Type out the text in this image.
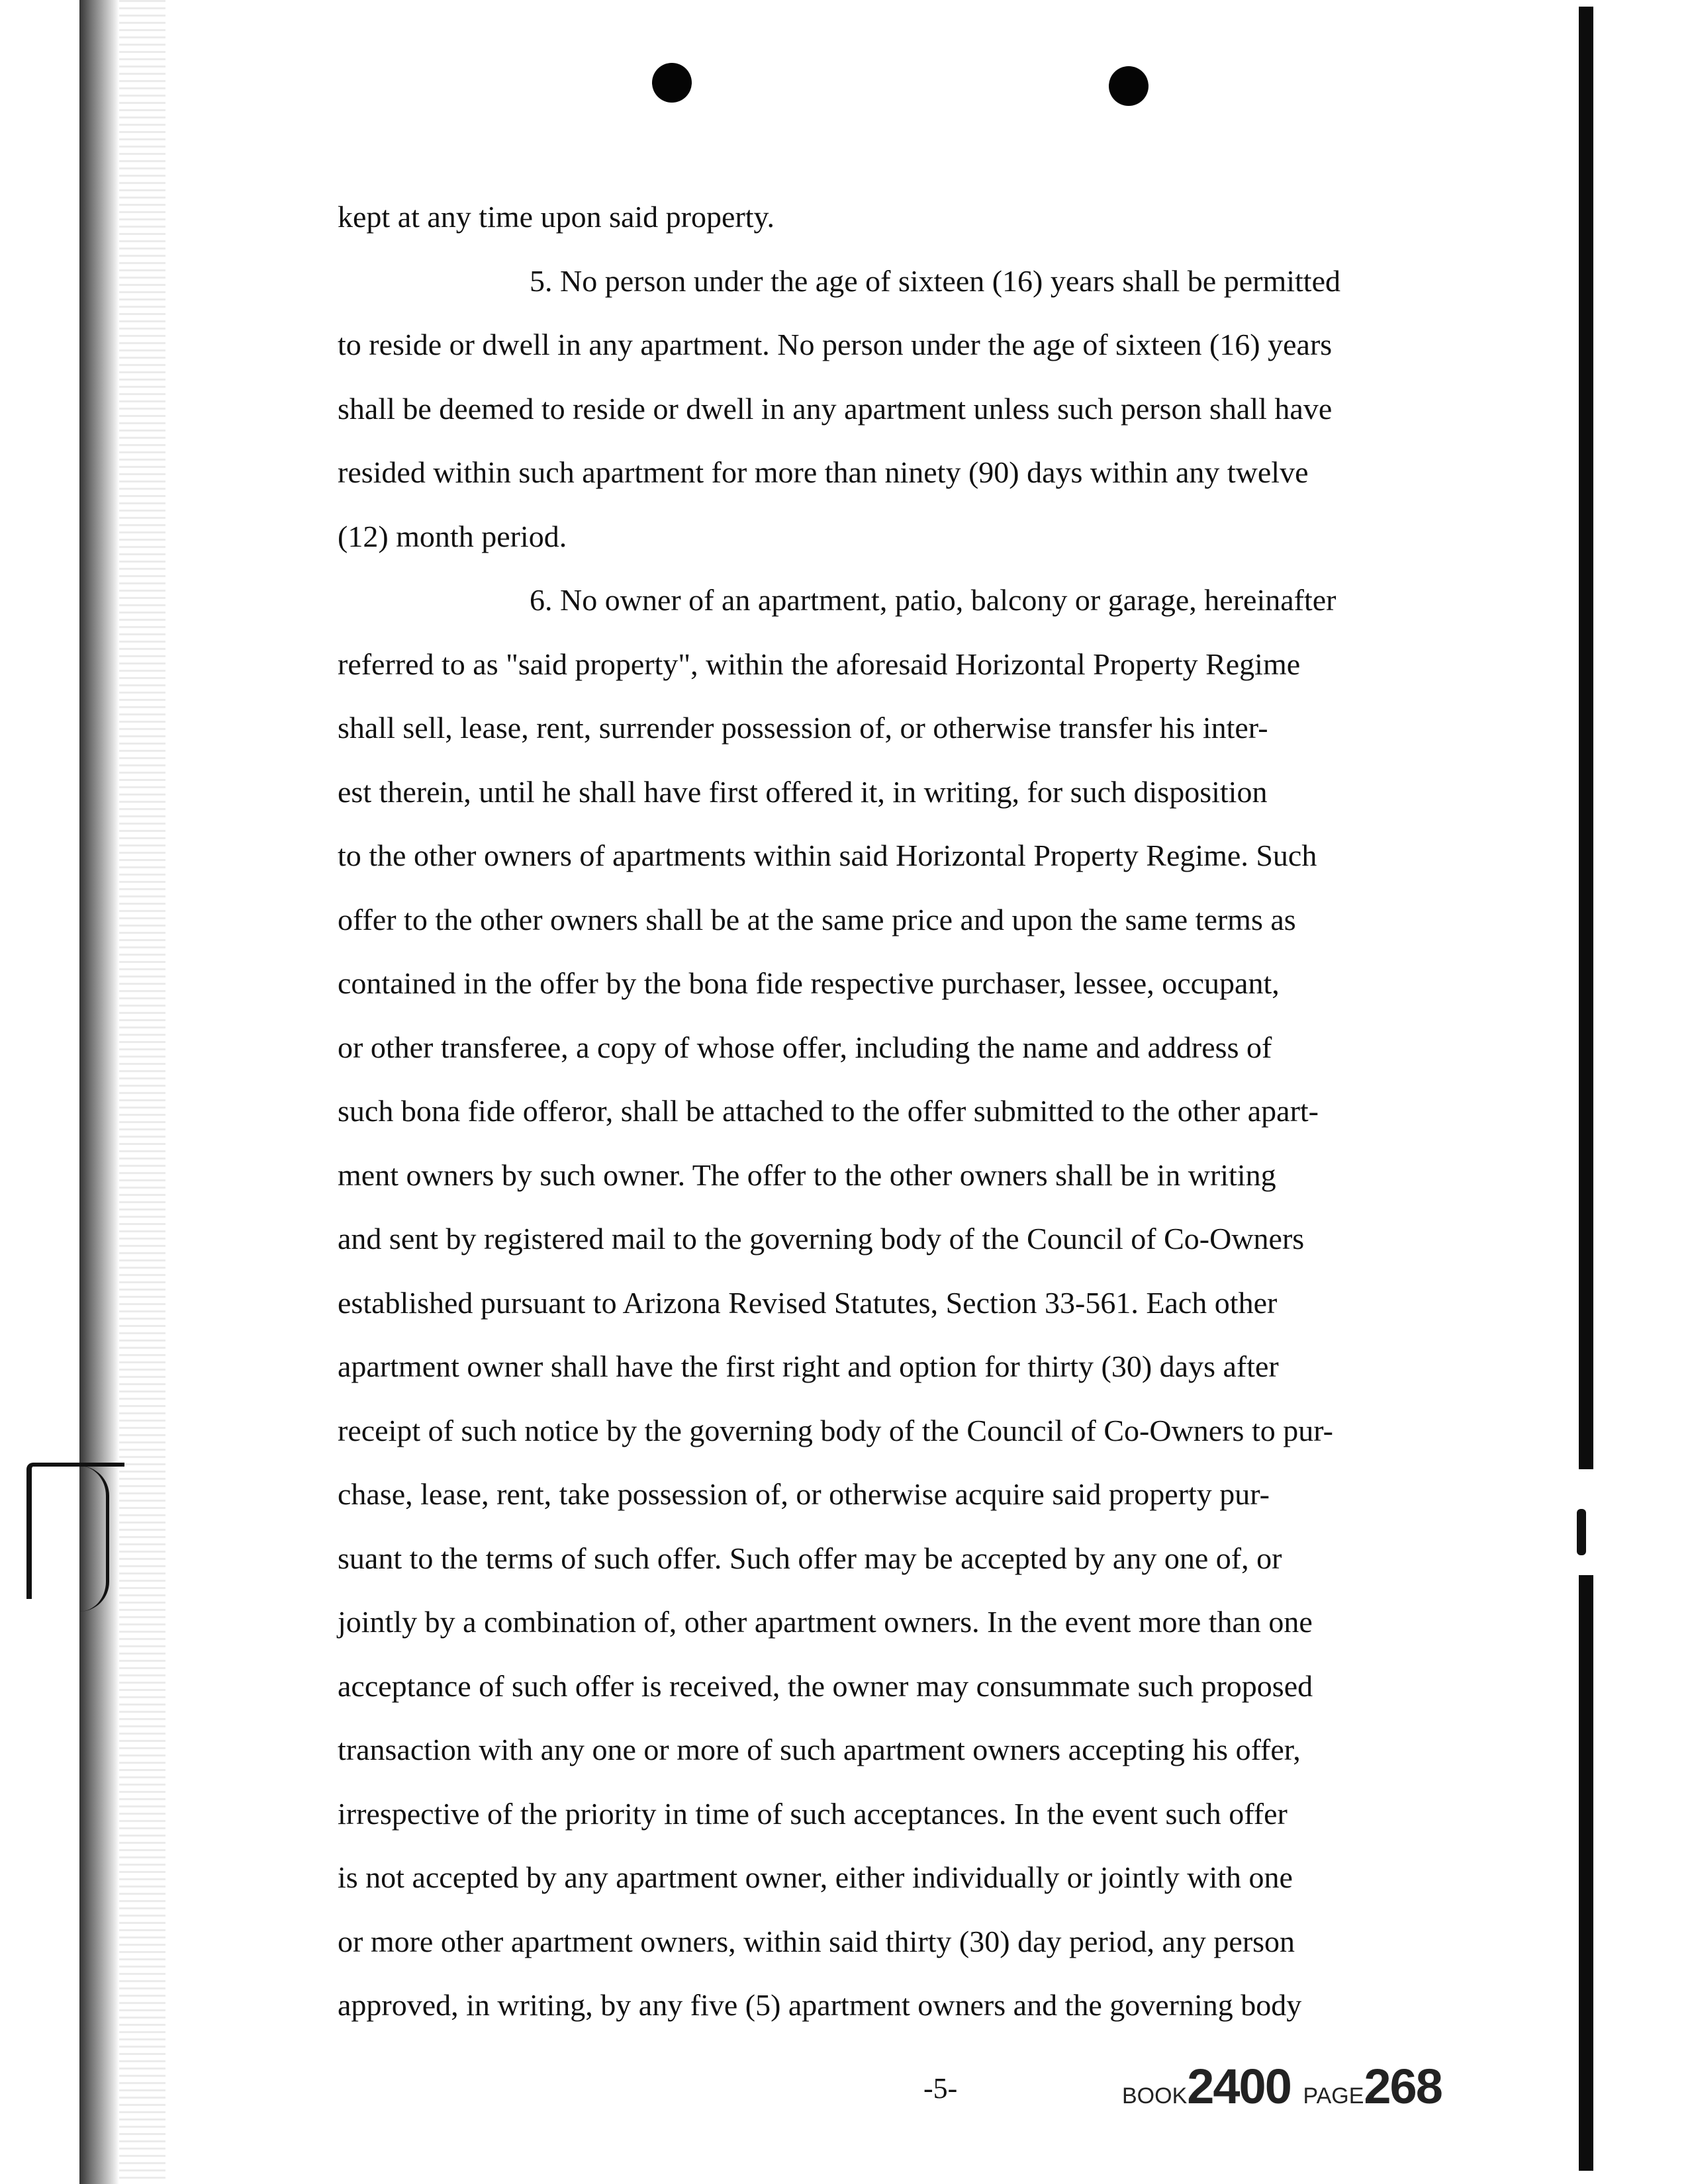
kept at any time upon said property.
5. No person under the age of sixteen (16) years shall be permitted
to reside or dwell in any apartment. No person under the age of sixteen (16) years
shall be deemed to reside or dwell in any apartment unless such person shall have
resided within such apartment for more than ninety (90) days within any twelve
(12) month period.
6. No owner of an apartment, patio, balcony or garage, hereinafter
referred to as "said property", within the aforesaid Horizontal Property Regime
shall sell, lease, rent, surrender possession of, or otherwise transfer his inter-
est therein, until he shall have first offered it, in writing, for such disposition
to the other owners of apartments within said Horizontal Property Regime. Such
offer to the other owners shall be at the same price and upon the same terms as
contained in the offer by the bona fide respective purchaser, lessee, occupant,
or other transferee, a copy of whose offer, including the name and address of
such bona fide offeror, shall be attached to the offer submitted to the other apart-
ment owners by such owner. The offer to the other owners shall be in writing
and sent by registered mail to the governing body of the Council of Co-Owners
established pursuant to Arizona Revised Statutes, Section 33-561. Each other
apartment owner shall have the first right and option for thirty (30) days after
receipt of such notice by the governing body of the Council of Co-Owners to pur-
chase, lease, rent, take possession of, or otherwise acquire said property pur-
suant to the terms of such offer. Such offer may be accepted by any one of, or
jointly by a combination of, other apartment owners. In the event more than one
acceptance of such offer is received, the owner may consummate such proposed
transaction with any one or more of such apartment owners accepting his offer,
irrespective of the priority in time of such acceptances. In the event such offer
is not accepted by any apartment owner, either individually or jointly with one
or more other apartment owners, within said thirty (30) day period, any person
approved, in writing, by any five (5) apartment owners and the governing body
-5-	BOOK2400 PAGE268
